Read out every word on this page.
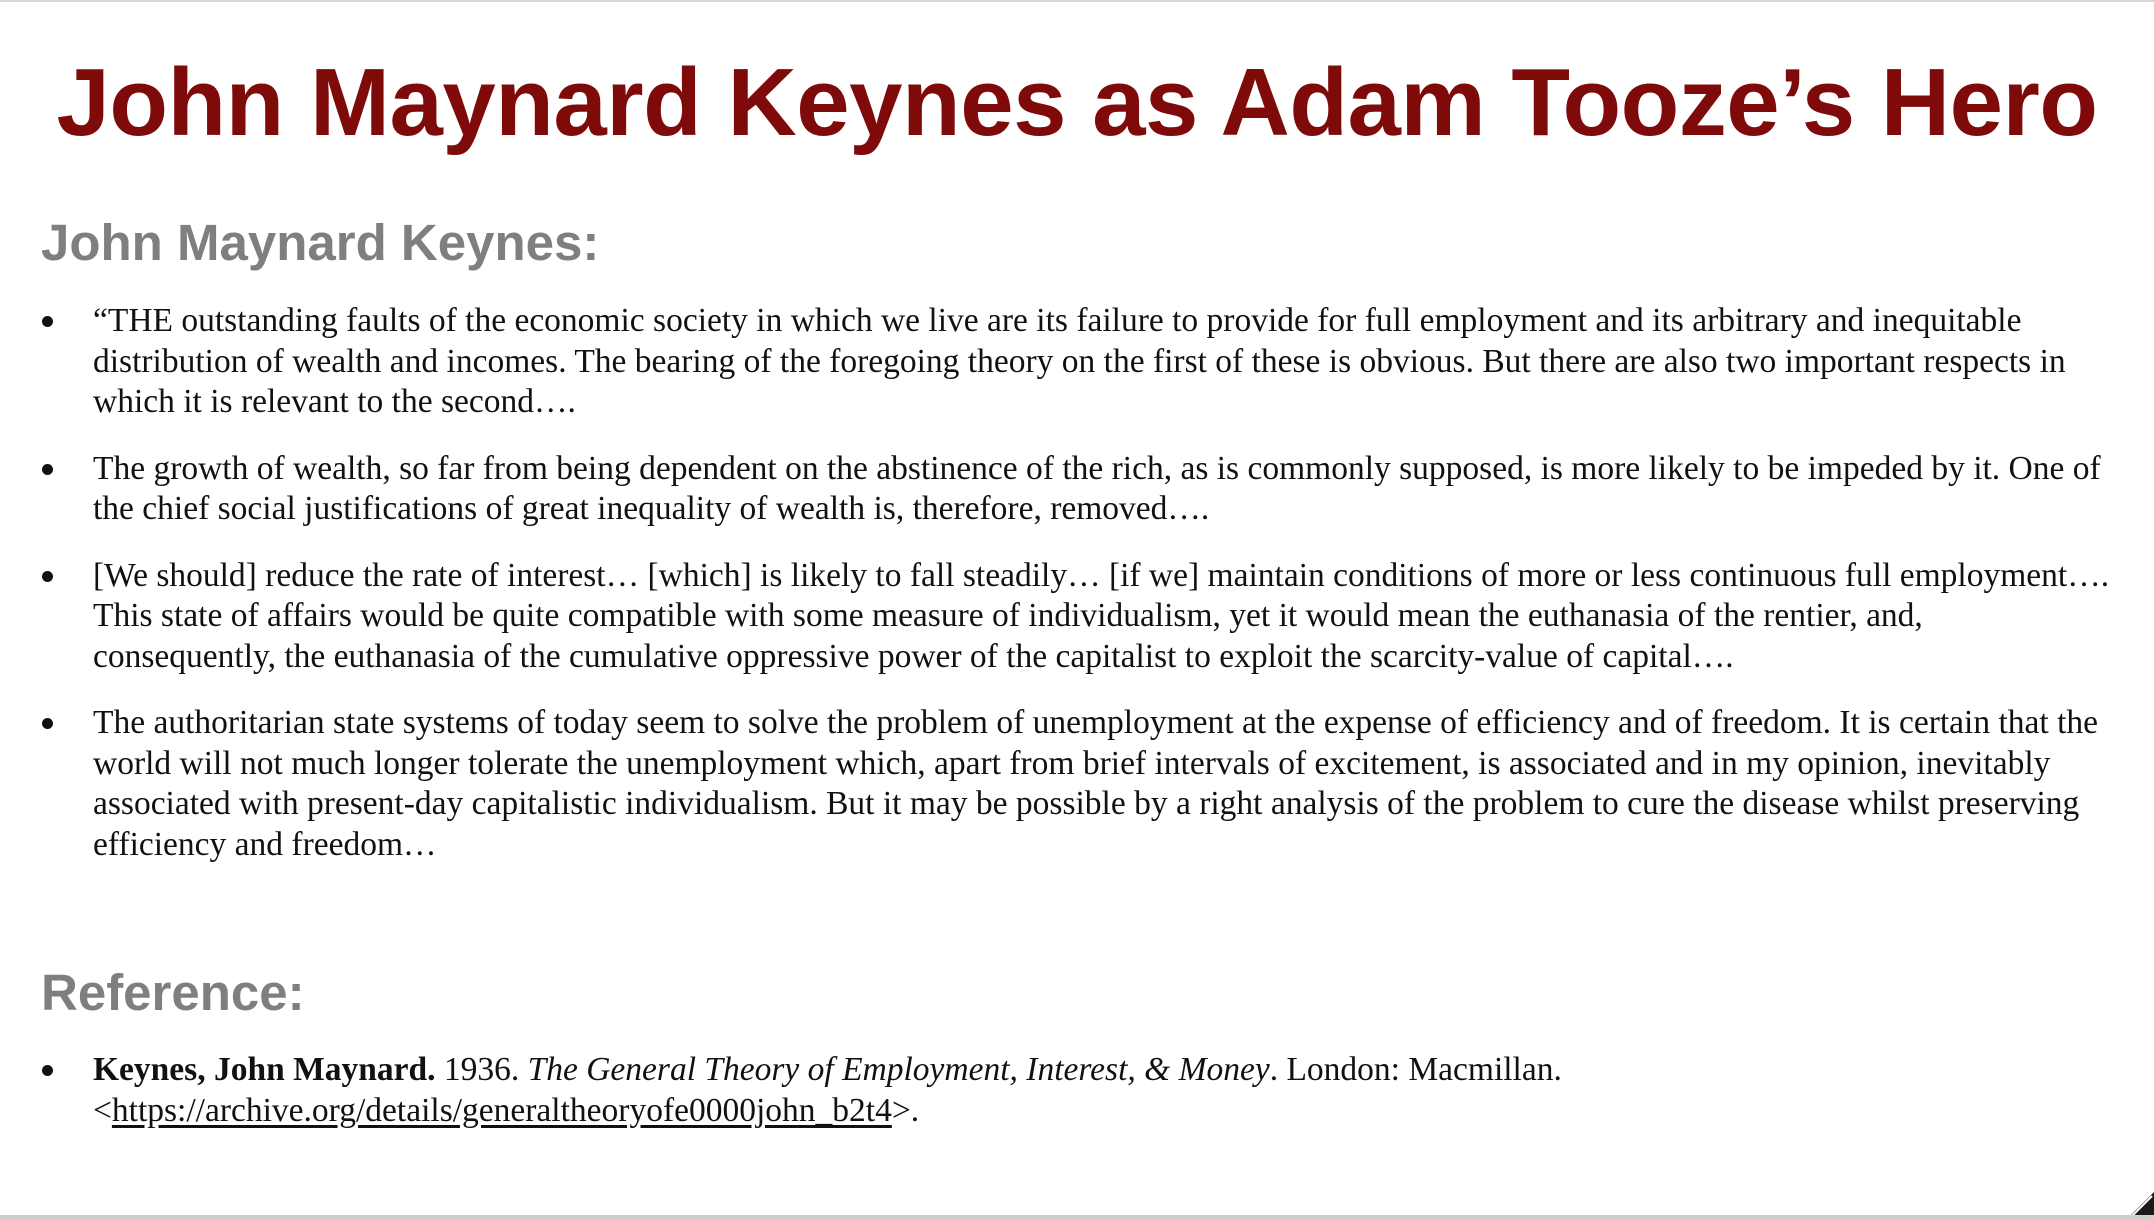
John Maynard Keynes as Adam Tooze’s Hero
John Maynard Keynes:
“THE outstanding faults of the economic society in which we live are its failure to provide for full employment and its arbitrary and inequitable distribution of wealth and incomes. The bearing of the foregoing theory on the first of these is obvious. But there are also two important respects in which it is relevant to the second….
The growth of wealth, so far from being dependent on the abstinence of the rich, as is commonly supposed, is more likely to be impeded by it. One of the chief social justifications of great inequality of wealth is, therefore, removed….
[We should] reduce the rate of interest… [which] is likely to fall steadily… [if we] maintain conditions of more or less continuous full employment…. This state of affairs would be quite compatible with some measure of individualism, yet it would mean the euthanasia of the rentier, and, consequently, the euthanasia of the cumulative oppressive power of the capitalist to exploit the scarcity-value of capital….
The authoritarian state systems of today seem to solve the problem of unemployment at the expense of efficiency and of freedom. It is certain that the world will not much longer tolerate the unemployment which, apart from brief intervals of excitement, is associated and in my opinion, inevitably associated with present-day capitalistic individualism. But it may be possible by a right analysis of the problem to cure the disease whilst preserving efficiency and freedom…
Reference:
Keynes, John Maynard. 1936. The General Theory of Employment, Interest, & Money. London: Macmillan. <https://archive.org/details/generaltheoryofe0000john_b2t4>.
